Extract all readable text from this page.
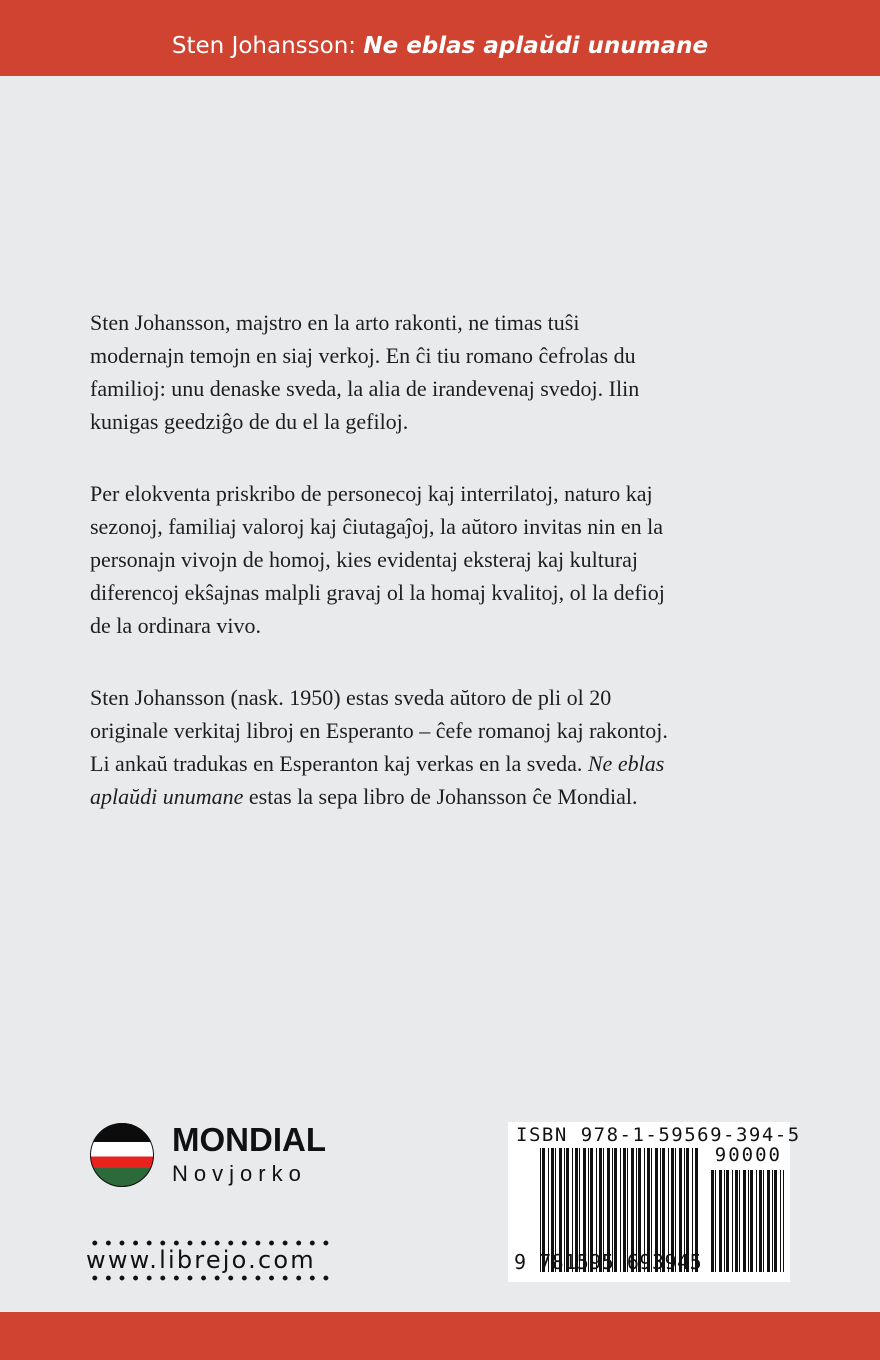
Sten Johansson: Ne eblas aplaŭdi unumane

Sten Johansson, majstro en la arto rakonti, ne timas tuŝi
modernajn temojn en siaj verkoj. En ĉi tiu romano ĉefrolas du
familioj: unu denaske sveda, la alia de irandevenaj svedoj. Ilin
kunigas geedziĝo de du el la gefiloj.

Per elokventa priskribo de personecoj kaj interrilatoj, naturo kaj
sezonoj, familiaj valoroj kaj ĉiutagaĵoj, la aŭtoro invitas nin en la
personajn vivojn de homoj, kies evidentaj eksteraj kaj kulturaj
diferencoj ekŝajnas malpli gravaj ol la homaj kvalitoj, ol la defioj
de la ordinara vivo.

Sten Johansson (nask. 1950) estas sveda aŭtoro de pli ol 20
originale verkitaj libroj en Esperanto – ĉefe romanoj kaj rakontoj.
Li ankaŭ tradukas en Esperanton kaj verkas en la sveda. Ne eblas
aplaŭdi unumane estas la sepa libro de Johansson ĉe Mondial.

MONDIAL
Novjorko
www.librejo.com
ISBN 978-1-59569-394-5
90000
9 781595 693945
